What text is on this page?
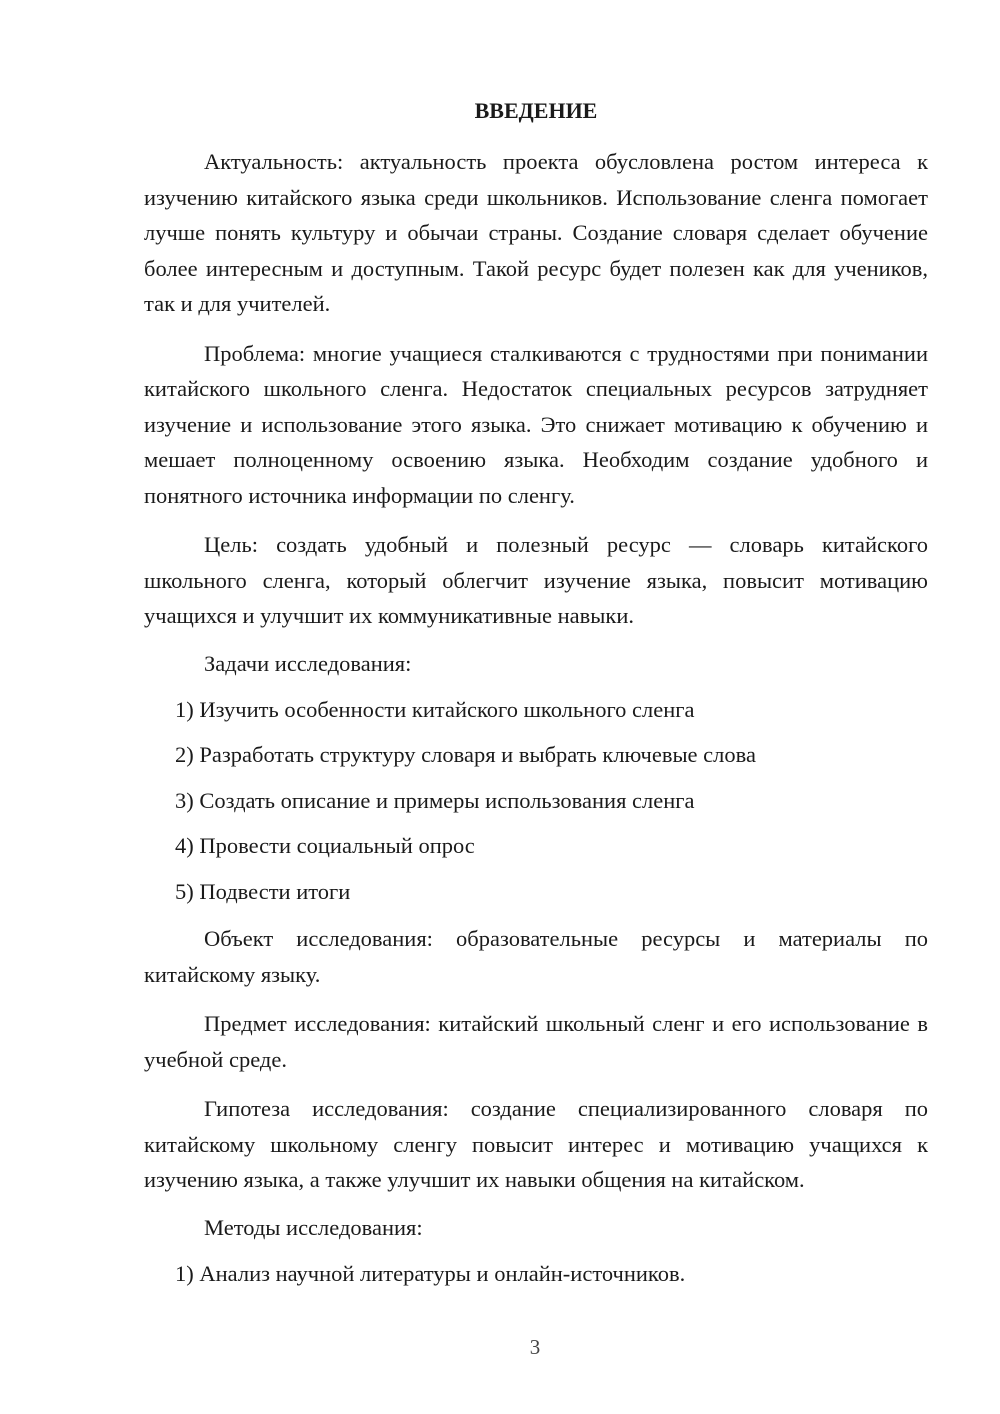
ВВЕДЕНИЕ

Актуальность: актуальность проекта обусловлена ростом интереса к изучению китайского языка среди школьников. Использование сленга помогает лучше понять культуру и обычаи страны. Создание словаря сделает обучение более интересным и доступным. Такой ресурс будет полезен как для учеников, так и для учителей.

Проблема: многие учащиеся сталкиваются с трудностями при понимании китайского школьного сленга. Недостаток специальных ресурсов затрудняет изучение и использование этого языка. Это снижает мотивацию к обучению и мешает полноценному освоению языка. Необходим создание удобного и понятного источника информации по сленгу.

Цель: создать удобный и полезный ресурс — словарь китайского школьного сленга, который облегчит изучение языка, повысит мотивацию учащихся и улучшит их коммуникативные навыки.

Задачи исследования:

1) Изучить особенности китайского школьного сленга

2) Разработать структуру словаря и выбрать ключевые слова

3) Создать описание и примеры использования сленга

4) Провести социальный опрос

5) Подвести итоги

Объект исследования: образовательные ресурсы и материалы по китайскому языку.

Предмет исследования: китайский школьный сленг и его использование в учебной среде.

Гипотеза исследования: создание специализированного словаря по китайскому школьному сленгу повысит интерес и мотивацию учащихся к изучению языка, а также улучшит их навыки общения на китайском.

Методы исследования:

1) Анализ научной литературы и онлайн-источников.

3
